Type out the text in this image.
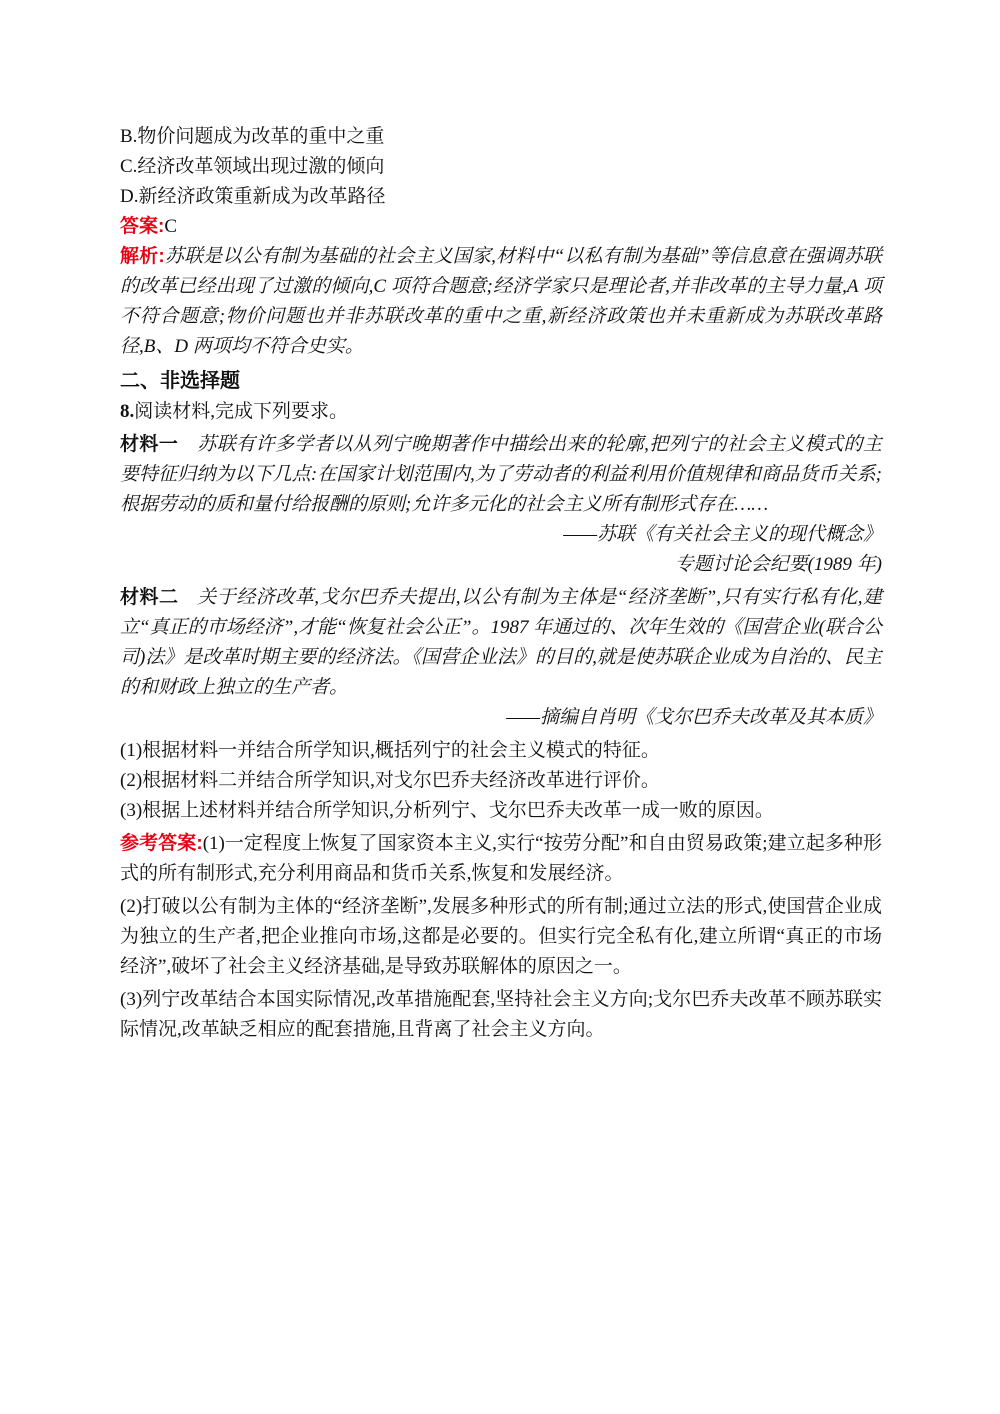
B.物价问题成为改革的重中之重

C.经济改革领域出现过激的倾向

D.新经济政策重新成为改革路径

答案:C

解析:苏联是以公有制为基础的社会主义国家,材料中“以私有制为基础”等信息意在强调苏联的改革已经出现了过激的倾向,C 项符合题意;经济学家只是理论者,并非改革的主导力量,A 项不符合题意;物价问题也并非苏联改革的重中之重,新经济政策也并未重新成为苏联改革路径,B、D 两项均不符合史实。

二、非选择题

8.阅读材料,完成下列要求。

材料一 苏联有许多学者以从列宁晚期著作中描绘出来的轮廓,把列宁的社会主义模式的主要特征归纳为以下几点:在国家计划范围内,为了劳动者的利益利用价值规律和商品货币关系;根据劳动的质和量付给报酬的原则;允许多元化的社会主义所有制形式存在……

——苏联《有关社会主义的现代概念》

专题讨论会纪要(1989 年)

材料二 关于经济改革,戈尔巴乔夫提出,以公有制为主体是“经济垄断”,只有实行私有化,建立“真正的市场经济”,才能“恢复社会公正”。1987 年通过的、次年生效的《国营企业(联合公司)法》是改革时期主要的经济法。《国营企业法》的目的,就是使苏联企业成为自治的、民主的和财政上独立的生产者。

——摘编自肖明《戈尔巴乔夫改革及其本质》

(1)根据材料一并结合所学知识,概括列宁的社会主义模式的特征。

(2)根据材料二并结合所学知识,对戈尔巴乔夫经济改革进行评价。

(3)根据上述材料并结合所学知识,分析列宁、戈尔巴乔夫改革一成一败的原因。

参考答案:(1)一定程度上恢复了国家资本主义,实行“按劳分配”和自由贸易政策;建立起多种形式的所有制形式,充分利用商品和货币关系,恢复和发展经济。

(2)打破以公有制为主体的“经济垄断”,发展多种形式的所有制;通过立法的形式,使国营企业成为独立的生产者,把企业推向市场,这都是必要的。但实行完全私有化,建立所谓“真正的市场经济”,破坏了社会主义经济基础,是导致苏联解体的原因之一。

(3)列宁改革结合本国实际情况,改革措施配套,坚持社会主义方向;戈尔巴乔夫改革不顾苏联实际情况,改革缺乏相应的配套措施,且背离了社会主义方向。
